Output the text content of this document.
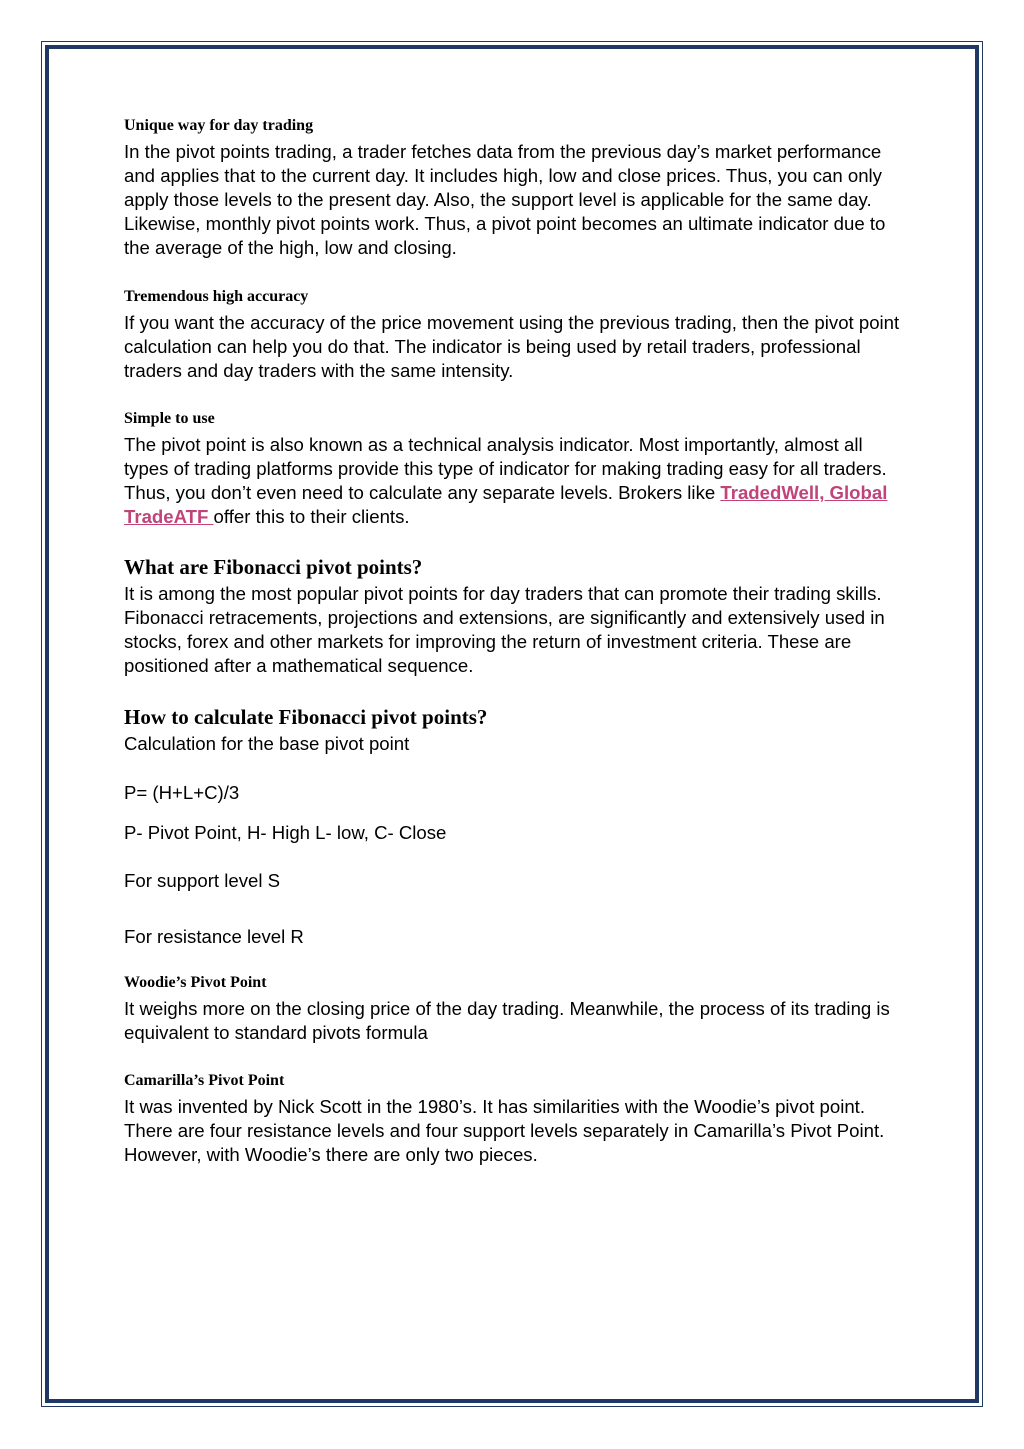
Unique way for day trading

In the pivot points trading, a trader fetches data from the previous day’s market performance and applies that to the current day. It includes high, low and close prices. Thus, you can only apply those levels to the present day. Also, the support level is applicable for the same day. Likewise, monthly pivot points work. Thus, a pivot point becomes an ultimate indicator due to the average of the high, low and closing.

Tremendous high accuracy

If you want the accuracy of the price movement using the previous trading, then the pivot point calculation can help you do that. The indicator is being used by retail traders, professional traders and day traders with the same intensity.

Simple to use

The pivot point is also known as a technical analysis indicator. Most importantly, almost all types of trading platforms provide this type of indicator for making trading easy for all traders. Thus, you don’t even need to calculate any separate levels. Brokers like TradedWell, Global TradeATF offer this to their clients.

What are Fibonacci pivot points?

It is among the most popular pivot points for day traders that can promote their trading skills. Fibonacci retracements, projections and extensions, are significantly and extensively used in stocks, forex and other markets for improving the return of investment criteria. These are positioned after a mathematical sequence.

How to calculate Fibonacci pivot points?

Calculation for the base pivot point

P= (H+L+C)/3

P- Pivot Point, H- High L- low, C- Close

For support level S

For resistance level R

Woodie’s Pivot Point

It weighs more on the closing price of the day trading. Meanwhile, the process of its trading is equivalent to standard pivots formula

Camarilla’s Pivot Point

It was invented by Nick Scott in the 1980’s. It has similarities with the Woodie’s pivot point. There are four resistance levels and four support levels separately in Camarilla’s Pivot Point. However, with Woodie’s there are only two pieces.
